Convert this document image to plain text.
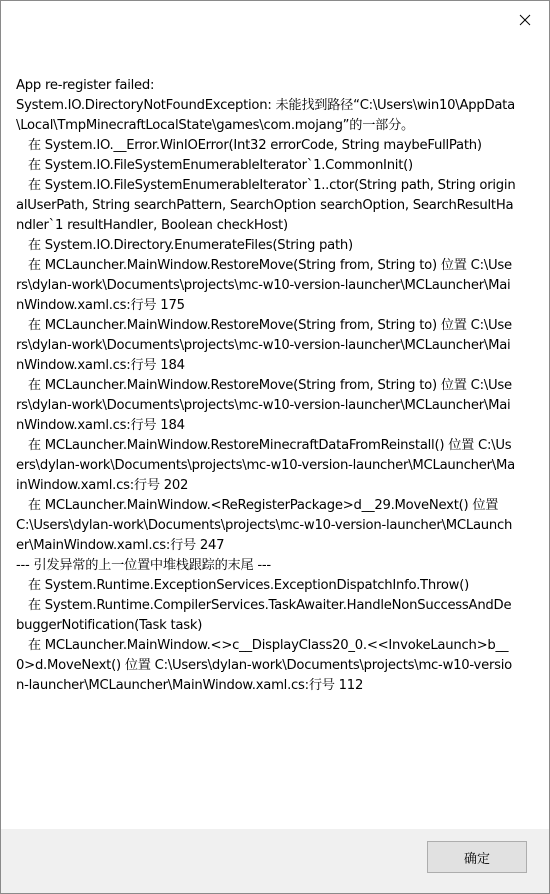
App re-register failed:
System.IO.DirectoryNotFoundException: 未能找到路径“C:\Users\win10\AppData\Local\TmpMinecraftLocalState\games\com.mojang”的一部分。
在 System.IO.__Error.WinIOError(Int32 errorCode, String maybeFullPath)
在 System.IO.FileSystemEnumerableIterator`1.CommonInit()
在 System.IO.FileSystemEnumerableIterator`1..ctor(String path, String originalUserPath, String searchPattern, SearchOption searchOption, SearchResultHandler`1 resultHandler, Boolean checkHost)
在 System.IO.Directory.EnumerateFiles(String path)
在 MCLauncher.MainWindow.RestoreMove(String from, String to) 位置 C:\Users\dylan-work\Documents\projects\mc-w10-version-launcher\MCLauncher\MainWindow.xaml.cs:行号 175
在 MCLauncher.MainWindow.RestoreMove(String from, String to) 位置 C:\Users\dylan-work\Documents\projects\mc-w10-version-launcher\MCLauncher\MainWindow.xaml.cs:行号 184
在 MCLauncher.MainWindow.RestoreMove(String from, String to) 位置 C:\Users\dylan-work\Documents\projects\mc-w10-version-launcher\MCLauncher\MainWindow.xaml.cs:行号 184
在 MCLauncher.MainWindow.RestoreMinecraftDataFromReinstall() 位置 C:\Users\dylan-work\Documents\projects\mc-w10-version-launcher\MCLauncher\MainWindow.xaml.cs:行号 202
在 MCLauncher.MainWindow.<ReRegisterPackage>d__29.MoveNext() 位置 C:\Users\dylan-work\Documents\projects\mc-w10-version-launcher\MCLauncher\MainWindow.xaml.cs:行号 247
--- 引发异常的上一位置中堆栈跟踪的末尾 ---
在 System.Runtime.ExceptionServices.ExceptionDispatchInfo.Throw()
在 System.Runtime.CompilerServices.TaskAwaiter.HandleNonSuccessAndDebuggerNotification(Task task)
在 MCLauncher.MainWindow.<>c__DisplayClass20_0.<<InvokeLaunch>b__0>d.MoveNext() 位置 C:\Users\dylan-work\Documents\projects\mc-w10-version-launcher\MCLauncher\MainWindow.xaml.cs:行号 112
确定
